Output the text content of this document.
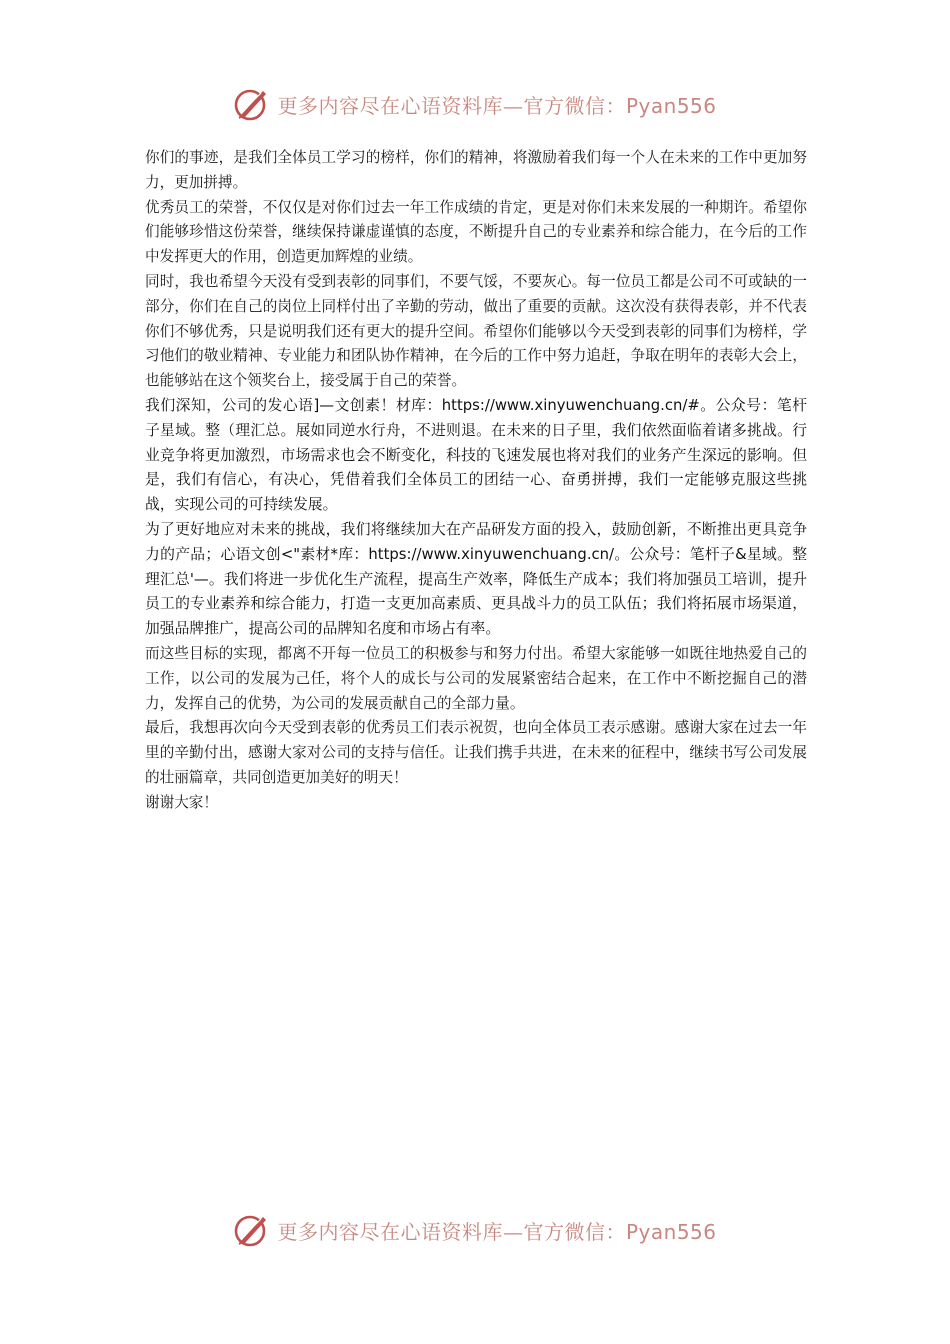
更多内容尽在心语资料库—官方微信：Pyan556

你们的事迹，是我们全体员工学习的榜样，你们的精神，将激励着我们每一个人在未来的工作中更加努力，更加拼搏。

优秀员工的荣誉，不仅仅是对你们过去一年工作成绩的肯定，更是对你们未来发展的一种期许。希望你们能够珍惜这份荣誉，继续保持谦虚谨慎的态度，不断提升自己的专业素养和综合能力，在今后的工作中发挥更大的作用，创造更加辉煌的业绩。

同时，我也希望今天没有受到表彰的同事们，不要气馁，不要灰心。每一位员工都是公司不可或缺的一部分，你们在自己的岗位上同样付出了辛勤的劳动，做出了重要的贡献。这次没有获得表彰，并不代表你们不够优秀，只是说明我们还有更大的提升空间。希望你们能够以今天受到表彰的同事们为榜样，学习他们的敬业精神、专业能力和团队协作精神，在今后的工作中努力追赶，争取在明年的表彰大会上，也能够站在这个领奖台上，接受属于自己的荣誉。

我们深知，公司的发心语]—文创素！材库：https://www.xinyuwenchuang.cn/#。公众号：笔杆子星域。整（理汇总。展如同逆水行舟，不进则退。在未来的日子里，我们依然面临着诸多挑战。行业竞争将更加激烈，市场需求也会不断变化，科技的飞速发展也将对我们的业务产生深远的影响。但是，我们有信心，有决心，凭借着我们全体员工的团结一心、奋勇拼搏，我们一定能够克服这些挑战，实现公司的可持续发展。

为了更好地应对未来的挑战，我们将继续加大在产品研发方面的投入，鼓励创新，不断推出更具竞争力的产品；心语文创<"素材*库：https://www.xinyuwenchuang.cn/。公众号：笔杆子&星域。整理汇总'—。我们将进一步优化生产流程，提高生产效率，降低生产成本；我们将加强员工培训，提升员工的专业素养和综合能力，打造一支更加高素质、更具战斗力的员工队伍；我们将拓展市场渠道，加强品牌推广，提高公司的品牌知名度和市场占有率。

而这些目标的实现，都离不开每一位员工的积极参与和努力付出。希望大家能够一如既往地热爱自己的工作，以公司的发展为己任，将个人的成长与公司的发展紧密结合起来，在工作中不断挖掘自己的潜力，发挥自己的优势，为公司的发展贡献自己的全部力量。

最后，我想再次向今天受到表彰的优秀员工们表示祝贺，也向全体员工表示感谢。感谢大家在过去一年里的辛勤付出，感谢大家对公司的支持与信任。让我们携手共进，在未来的征程中，继续书写公司发展的壮丽篇章，共同创造更加美好的明天！

谢谢大家！

更多内容尽在心语资料库—官方微信：Pyan556
